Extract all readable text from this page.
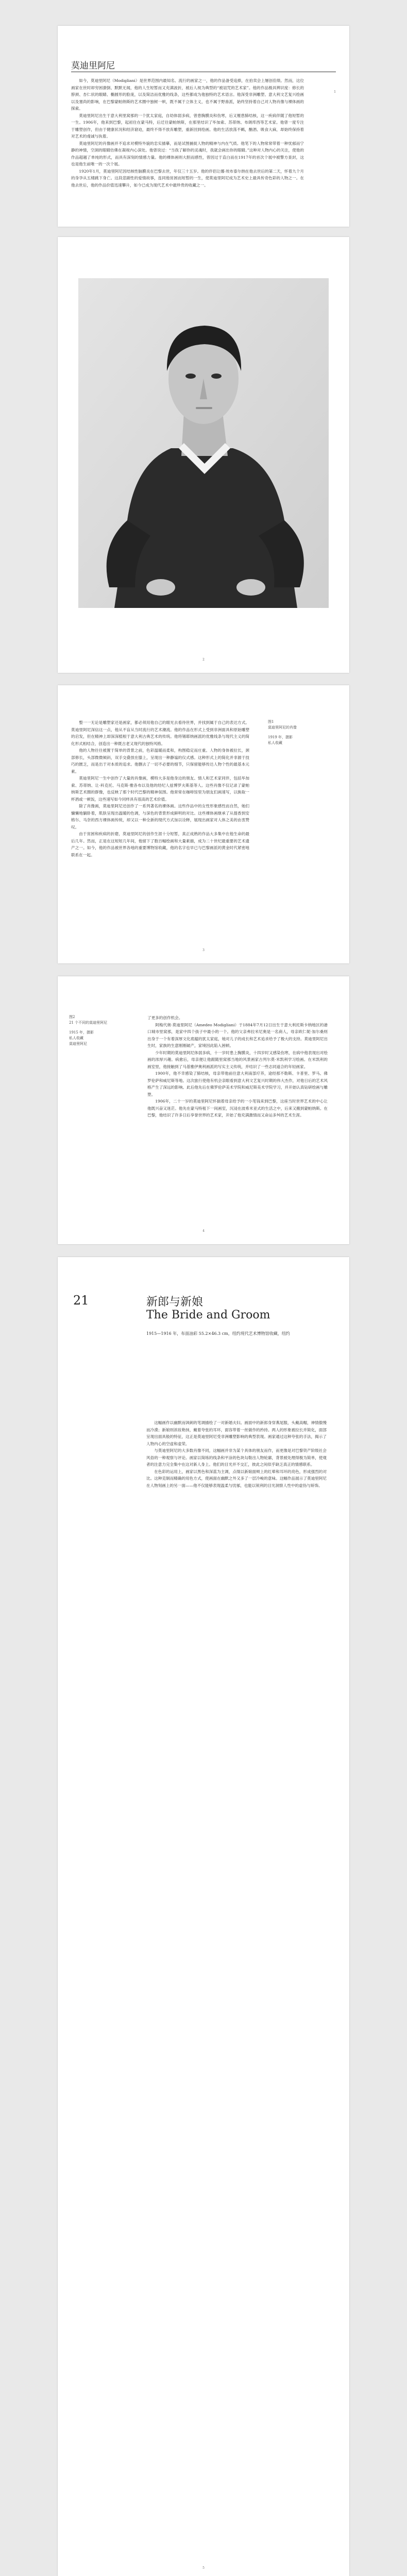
莫迪里阿尼

如今，莫迪里阿尼（Modigliani）是世界范围内最知名、流行的画家之一，他的作品备受追捧，在拍卖会上屡创佳绩。然而，这位画家在世时却穷困潦倒、默默无闻，他的人生短暂而又充满波折，被后人视为典型的“被诅咒的艺术家”。他的作品极具辨识度：修长的脖颈、杏仁状的眼睛、椭圆形的脸庞，以及简洁而优雅的线条，这些都成为他独特的艺术语言。他深受非洲雕塑、意大利文艺复兴绘画以及塞尚的影响，在巴黎蒙帕纳斯的艺术圈中独树一帜，既不属于立体主义，也不属于野兽派，始终坚持着自己对人物肖像与裸体画的探索。

莫迪里阿尼出生于意大利里窝那的一个犹太家庭，自幼体弱多病，曾患胸膜炎和伤寒，后又罹患肺结核，这一疾病伴随了他短暂的一生。1906年，他来到巴黎，起初住在蒙马特，后迁往蒙帕纳斯，在那里结识了毕加索、苏蒂纳、布朗库西等艺术家。他曾一度专注于雕塑创作，但由于健康状况和经济窘迫，最终不得不放弃雕塑，重新回到绘画。他的生活放荡不羁，酗酒、吸食大麻，却始终保持着对艺术的虔诚与执着。

莫迪里阿尼的肖像画并不追求对模特外貌的忠实描摹，而是试图捕捉人物的精神与内在气质。他笔下的人物常常带着一种忧郁而宁静的神情，空洞的眼睛仿佛在凝视内心深处。他曾说过：“当我了解你的灵魂时，我就会画出你的眼睛。”这种对人物内心的关注，使他的作品超越了单纯的形式，而具有深刻的情感力量。他的裸体画则大胆而感性，曾因过于直白而在1917年的首次个展中被警方查封，这也是他生前唯一的一次个展。

1920年1月，莫迪里阿尼因结核性脑膜炎在巴黎去世，年仅三十五岁。他的伴侣让娜·埃布泰尔纳在他去世后的第二天，怀着九个月的身孕从五楼跳下身亡。这段悲剧性的爱情故事，连同他贫困而短暂的一生，使莫迪里阿尼成为艺术史上最具传奇色彩的人物之一。在他去世后，他的作品价值迅速攀升，如今已成为现代艺术中最珍贵的收藏之一。

1
2

整一一无论是雕塑家还是画家，都必须用他自己的眼光去看待世界，并找到属于自己的表达方式。莫迪里阿尼深信这一点，他从不盲从当时流行的艺术潮流。他的作品在形式上受到非洲面具和原始雕塑的启发，但在精神上却深深植根于意大利古典艺术的传统。他将锡耶纳画派的优雅线条与现代主义的简化形式相结合，创造出一种既古老又现代的独特风格。

他的人物往往被置于简单的背景之前，色彩温暖而柔和，构图稳定而庄重。人物的身体被拉长，颈部修长，头部微微倾斜，双手交叠放在膝上，呈现出一种静谧的仪式感。这种形式上的简化并非源于技巧的匮乏，而是出于对本质的追求。他删去了一切不必要的细节，只保留能够传达人物个性的最基本元素。

莫迪里阿尼一生中创作了大量的肖像画，模特大多是他身边的朋友、情人和艺术家同伴，包括毕加索、苏蒂纳、让·科克托、马克斯·雅各布以及他的经纪人兹博罗夫斯基等人。这些肖像不仅记录了蒙帕纳斯艺术圈的群像，也反映了那个时代巴黎的精神氛围。他常常在咖啡馆里为朋友们画速写，以换取一杯酒或一顿饭，这些速写如今同样具有很高的艺术价值。

除了肖像画，莫迪里阿尼还创作了一系列著名的裸体画。这些作品中的女性形象感性而自然，她们慵懒地躺卧着，肌肤呈现出温暖的色调，与深色的背景形成鲜明的对比。这些裸体画继承了从提香到安格尔、马奈的西方裸体画传统，却又以一种全新的现代方式加以诠释，展现出画家对人体之美的由衷赞叹。

由于贫困和疾病的折磨，莫迪里阿尼的创作生涯十分短暂，真正成熟的作品大多集中在他生命的最后几年。然而，正是在这短短几年间，他留下了数百幅绘画和大量素描，成为二十世纪最重要的艺术遗产之一。如今，他的作品被世界各地的重要博物馆收藏，他的名字也早已与巴黎画派的黄金时代紧密地联系在一起。

图1
莫迪里阿尼的肖像
1919 年，摄影
私人收藏
3
图2
21 个不同的莫迪里阿尼
1915 年，摄影
私人收藏
莫迪里阿尼

了更多的创作机会。

阿梅代奥·莫迪里阿尼（Amedeo Modigliani）于1884年7月12日出生于意大利托斯卡纳地区的港口城市里窝那，是家中四个孩子中最小的一个。他的父亲弗拉米尼奥是一名商人，母亲欧仁妮·加尔桑则出身于一个有着深厚文化底蕴的犹太家庭，她对儿子的成长和艺术追求给予了极大的支持。莫迪里阿尼出生时，家族的生意刚刚破产，家境因此陷入困顿。

少年时期的莫迪里阿尼体弱多病，十一岁时患上胸膜炎，十四岁时又感染伤寒，在病中他表现出对绘画的浓厚兴趣。病愈后，母亲便让他跟随里窝那当地的风景画家古列尔莫·米凯利学习绘画。在米凯利的画室里，他接触到了马基雅伊奥利画派的写实主义传统，并结识了一些志同道合的年轻画家。

1900年，他不幸感染了肺结核，母亲带他前往意大利南部疗养，途经那不勒斯、卡普里、罗马、佛罗伦萨和威尼斯等地。这次旅行使他有机会亲眼看到意大利文艺复兴时期的伟大杰作，对他日后的艺术风格产生了深远的影响。此后他先后在佛罗伦萨美术学院和威尼斯美术学院学习，并开始认真钻研绘画与雕塑。

1906年，二十一岁的莫迪里阿尼怀揣着母亲给予的一小笔钱来到巴黎，这座当时世界艺术的中心让他既兴奋又迷茫。他先在蒙马特租下一间画室，沉浸在波希米亚式的生活之中，后来又搬到蒙帕纳斯。在巴黎，他结识了许多日后享誉世界的艺术家，开始了他充满激情而又命运多舛的艺术生涯。

4
21	新郎与新娘
The Bride and Groom
1915—1916 年，布面油彩 55.2×46.3 cm，纽约现代艺术博物馆收藏，纽约

这幅画作以幽默而讽刺的笔调描绘了一对新婚夫妇。画面中的新郎身穿燕尾服，头戴高帽，神情傲慢而冷漠；新娘则浓妆艳抹，戴着夸张的耳环，面容带着一丝做作的矜持。两人的形象被拉长并简化，面部呈现出面具般的特征，这正是莫迪里阿尼受非洲雕塑影响的典型表现。画家通过这种夸张的手法，揭示了人物内心的空虚和虚荣。

与莫迪里阿尼的大多数肖像不同，这幅画并非为某个具体的朋友而作，而更像是对巴黎资产阶级社会风俗的一种观察与评论。画家以简练的线条和平涂的色块勾勒出人物轮廓，背景被处理得极为简单，使观者的注意力完全集中在这对新人身上。他们的目光并不交汇，彼此之间似乎缺乏真正的情感联系。

在色彩的运用上，画家以黑色和深蓝为主调，点缀以新娘面颊上的红晕和耳环的亮色，形成强烈的对比。这种克制而精确的用色方式，使画面在幽默之外又多了一层冷峻的意味。这幅作品展示了莫迪里阿尼在人物刻画上的另一面——他不仅能够表现温柔与忧郁，也能以锐利的目光洞察人性中的虚伪与矫饰。

5
